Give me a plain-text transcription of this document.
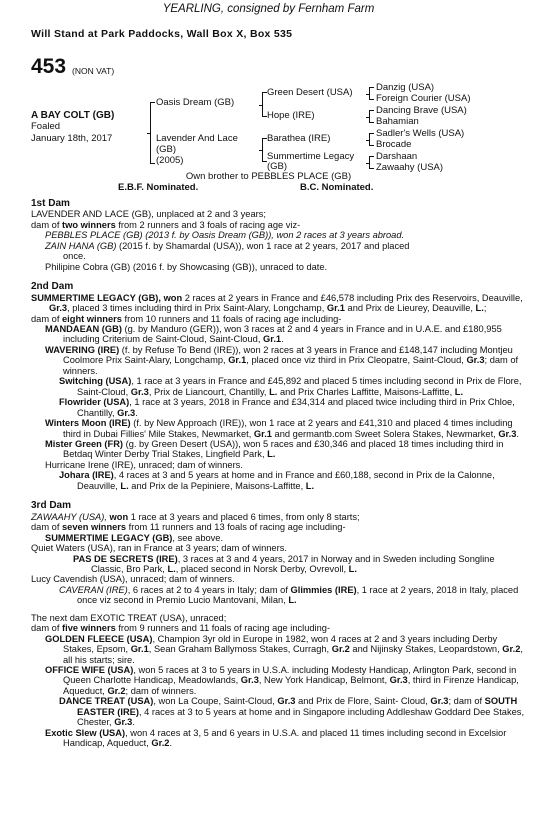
YEARLING, consigned by Fernham Farm
Will Stand at Park Paddocks, Wall Box X, Box 535
453 (NON VAT)
A BAY COLT (GB)
Foaled
January 18th, 2017
Oasis Dream (GB)
Green Desert (USA)
Hope (IRE)
Danzig (USA)
Foreign Courier (USA)
Dancing Brave (USA)
Bahamian
Lavender And Lace
(GB)
(2005)
Barathea (IRE)
Summertime Legacy
(GB)
Sadler's Wells (USA)
Brocade
Darshaan
Zawaahy (USA)
Own brother to PEBBLES PLACE (GB)
E.B.F. Nominated.	B.C. Nominated.

1st Dam

LAVENDER AND LACE (GB), unplaced at 2 and 3 years;

dam of two winners from 2 runners and 3 foals of racing age viz-

PEBBLES PLACE (GB) (2013 f. by Oasis Dream (GB)), won 2 races at 3 years abroad.

ZAIN HANA (GB) (2015 f. by Shamardal (USA)), won 1 race at 2 years, 2017 and placed
once.

Philipine Cobra (GB) (2016 f. by Showcasing (GB)), unraced to date.

2nd Dam

SUMMERTIME LEGACY (GB), won 2 races at 2 years in France and £46,578 including Prix des Reservoirs, Deauville, Gr.3, placed 3 times including third in Prix Saint-Alary, Longchamp, Gr.1 and Prix de Lieurey, Deauville, L.;

dam of eight winners from 10 runners and 11 foals of racing age including-

MANDAEAN (GB) (g. by Manduro (GER)), won 3 races at 2 and 4 years in France and in U.A.E. and £180,955 including Criterium de Saint-Cloud, Saint-Cloud, Gr.1.

WAVERING (IRE) (f. by Refuse To Bend (IRE)), won 2 races at 3 years in France and £148,147 including Montjeu Coolmore Prix Saint-Alary, Longchamp, Gr.1, placed once viz third in Prix Cleopatre, Saint-Cloud, Gr.3; dam of winners.

Switching (USA), 1 race at 3 years in France and £45,892 and placed 5 times including second in Prix de Flore, Saint-Cloud, Gr.3, Prix de Liancourt, Chantilly, L. and Prix Charles Laffitte, Maisons-Laffitte, L.

Flowrider (USA), 1 race at 3 years, 2018 in France and £34,314 and placed twice including third in Prix Chloe, Chantilly, Gr.3.

Winters Moon (IRE) (f. by New Approach (IRE)), won 1 race at 2 years and £41,310 and placed 4 times including third in Dubai Fillies' Mile Stakes, Newmarket, Gr.1 and germantb.com Sweet Solera Stakes, Newmarket, Gr.3.

Mister Green (FR) (g. by Green Desert (USA)), won 5 races and £30,346 and placed 18 times including third in Betdaq Winter Derby Trial Stakes, Lingfield Park, L.

Hurricane Irene (IRE), unraced; dam of winners.

Johara (IRE), 4 races at 3 and 5 years at home and in France and £60,188, second in Prix de la Calonne, Deauville, L. and Prix de la Pepiniere, Maisons-Laffitte, L.

3rd Dam

ZAWAAHY (USA), won 1 race at 3 years and placed 6 times, from only 8 starts;

dam of seven winners from 11 runners and 13 foals of racing age including-

SUMMERTIME LEGACY (GB), see above.

Quiet Waters (USA), ran in France at 3 years; dam of winners.

PAS DE SECRETS (IRE), 3 races at 3 and 4 years, 2017 in Norway and in Sweden including Songline Classic, Bro Park, L., placed second in Norsk Derby, Ovrevoll, L.

Lucy Cavendish (USA), unraced; dam of winners.

CAVERAN (IRE), 6 races at 2 to 4 years in Italy; dam of Glimmies (IRE), 1 race at 2 years, 2018 in Italy, placed once viz second in Premio Lucio Mantovani, Milan, L.

The next dam EXOTIC TREAT (USA), unraced;

dam of five winners from 9 runners and 11 foals of racing age including-

GOLDEN FLEECE (USA), Champion 3yr old in Europe in 1982, won 4 races at 2 and 3 years including Derby Stakes, Epsom, Gr.1, Sean Graham Ballymoss Stakes, Curragh, Gr.2 and Nijinsky Stakes, Leopardstown, Gr.2, all his starts; sire.

OFFICE WIFE (USA), won 5 races at 3 to 5 years in U.S.A. including Modesty Handicap, Arlington Park, second in Queen Charlotte Handicap, Meadowlands, Gr.3, New York Handicap, Belmont, Gr.3, third in Firenze Handicap, Aqueduct, Gr.2; dam of winners.

DANCE TREAT (USA), won La Coupe, Saint-Cloud, Gr.3 and Prix de Flore, Saint- Cloud, Gr.3; dam of SOUTH EASTER (IRE), 4 races at 3 to 5 years at home and in Singapore including Addleshaw Goddard Dee Stakes, Chester, Gr.3.

Exotic Slew (USA), won 4 races at 3, 5 and 6 years in U.S.A. and placed 11 times including second in Excelsior Handicap, Aqueduct, Gr.2.
